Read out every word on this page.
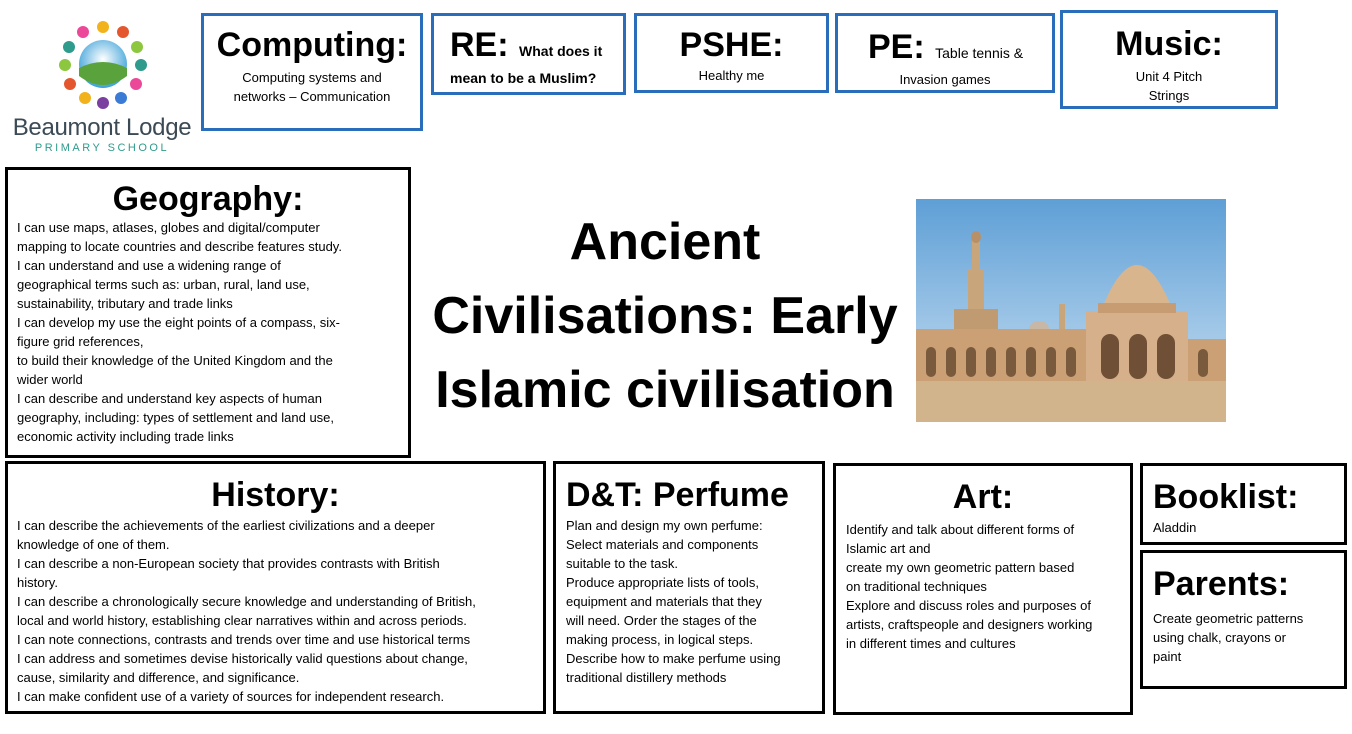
Beaumont Lodge
PRIMARY SCHOOL
Computing:
Computing systems and
networks – Communication
RE: What does it
mean to be a Muslim?
PSHE:
Healthy me
PE: Table tennis &
Invasion games
Music:
Unit 4 Pitch
Strings
Ancient
Civilisations: Early
Islamic civilisation
Geography:
I can use maps, atlases, globes and digital/computer
mapping to locate countries and describe features study.
I can understand and use a widening range of
geographical terms such as: urban, rural, land use,
sustainability, tributary and trade links
I can develop my use the eight points of a compass, six-
figure grid references,
to build their knowledge of the United Kingdom and the
wider world
I can describe and understand key aspects of human
geography, including: types of settlement and land use,
economic activity including trade links
History:
I can describe the achievements of the earliest civilizations and a deeper
knowledge of one of them.
I can describe a non-European society that provides contrasts with British
history.
I can describe a chronologically secure knowledge and understanding of British,
local and world history, establishing clear narratives within and across periods.
I can note connections, contrasts and trends over time and use historical terms
I can address and sometimes devise historically valid questions about change,
cause, similarity and difference, and significance.
I can make confident use of a variety of sources for independent research.
D&T: Perfume
Plan and design my own perfume:
Select materials and components
suitable to the task.
Produce appropriate lists of tools,
equipment and materials that they
will need. Order the stages of the
making process, in logical steps.
Describe how to make perfume using
traditional distillery methods
Art:
Identify and talk about different forms of
Islamic art and
create my own geometric pattern based
on traditional techniques
Explore and discuss roles and purposes of
artists, craftspeople and designers working
in different times and cultures
Booklist:
Aladdin
Parents:
Create geometric patterns
using chalk, crayons or
paint
